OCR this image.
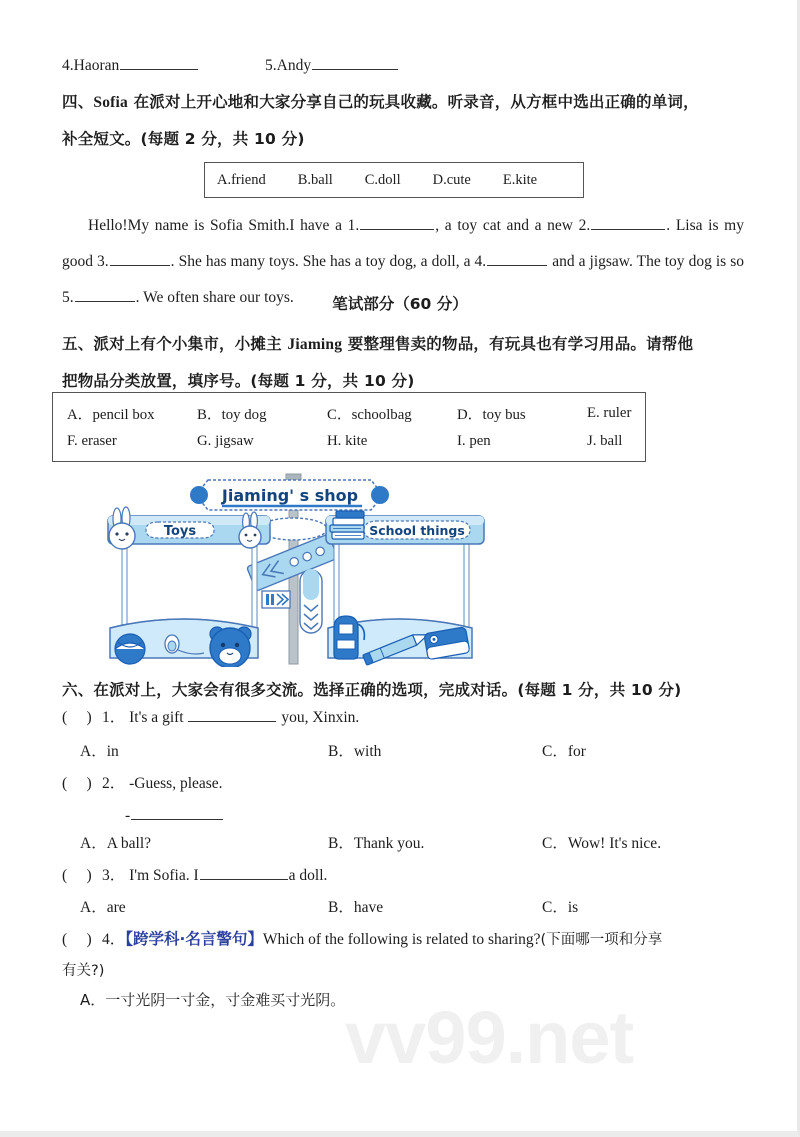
vv99.net
4.Haoran	5.Andy
四、Sofia 在派对上开心地和大家分享自己的玩具收藏。听录音，从方框中选出正确的单词，
补全短文。(每题 2 分，共 10 分)
A.friend B.ball C.doll D.cute E.kite
Hello!My name is Sofia Smith.I have a 1.	, a toy cat and a new 2.	. Lisa is my good 3.	. She has many toys. She has a toy dog, a doll, a 4.	and a jigsaw. The toy dog is so 5.	. We often share our toys.	笔试部分（60 分）
五、派对上有个小集市，小摊主 Jiaming 要整理售卖的物品，有玩具也有学习用品。请帮他
把物品分类放置，填序号。(每题 1 分，共 10 分)
A．pencil box	B．toy dog	C．schoolbag	D．toy bus	E. ruler
F. eraser	G. jigsaw	H. kite	I. pen	J. ball
Jiaming' s shop
Toys	School things
六、在派对上，大家会有很多交流。选择正确的选项，完成对话。(每题 1 分，共 10 分)
( ) 1． It's a gift	you, Xinxin.
A．in	B．with	C．for
( ) 2． -Guess, please.
-
A．A ball?	B．Thank you.	C．Wow! It's nice.
( ) 3． I'm Sofia. I	a doll.
A．are	B．have	C．is
( ) 4．【跨学科·名言警句】Which of the following is related to sharing?(下面哪一项和分享
有关?)
A．一寸光阴一寸金，寸金难买寸光阴。
